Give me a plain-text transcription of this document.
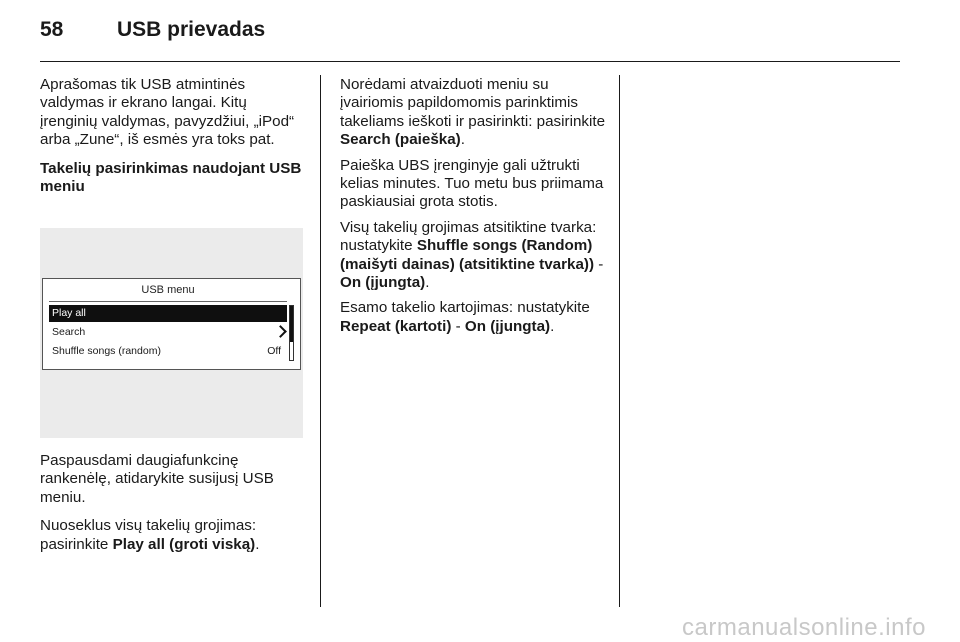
58	USB prievadas

Aprašomas tik USB atmintinės valdymas ir ekrano langai. Kitų įrenginių valdymas, pavyzdžiui, „iPod“ arba „Zune“, iš esmės yra toks pat.

Takelių pasirinkimas naudojant USB meniu

USB menu
Play all
Search
Shuffle songs (random)	Off

Paspausdami daugiafunkcinę rankenėlę, atidarykite susijusį USB meniu.

Nuoseklus visų takelių grojimas: pasirinkite Play all (groti viską).

Norėdami atvaizduoti meniu su įvairiomis papildomomis parinktimis takeliams ieškoti ir pasirinkti: pasirinkite Search (paieška).

Paieška UBS įrenginyje gali užtrukti kelias minutes. Tuo metu bus priimama paskiausiai grota stotis.

Visų takelių grojimas atsitiktine tvarka: nustatykite Shuffle songs (Random) (maišyti dainas) (atsitiktine tvarka)) - On (įjungta).

Esamo takelio kartojimas: nustatykite Repeat (kartoti) - On (įjungta).

carmanualsonline.info
